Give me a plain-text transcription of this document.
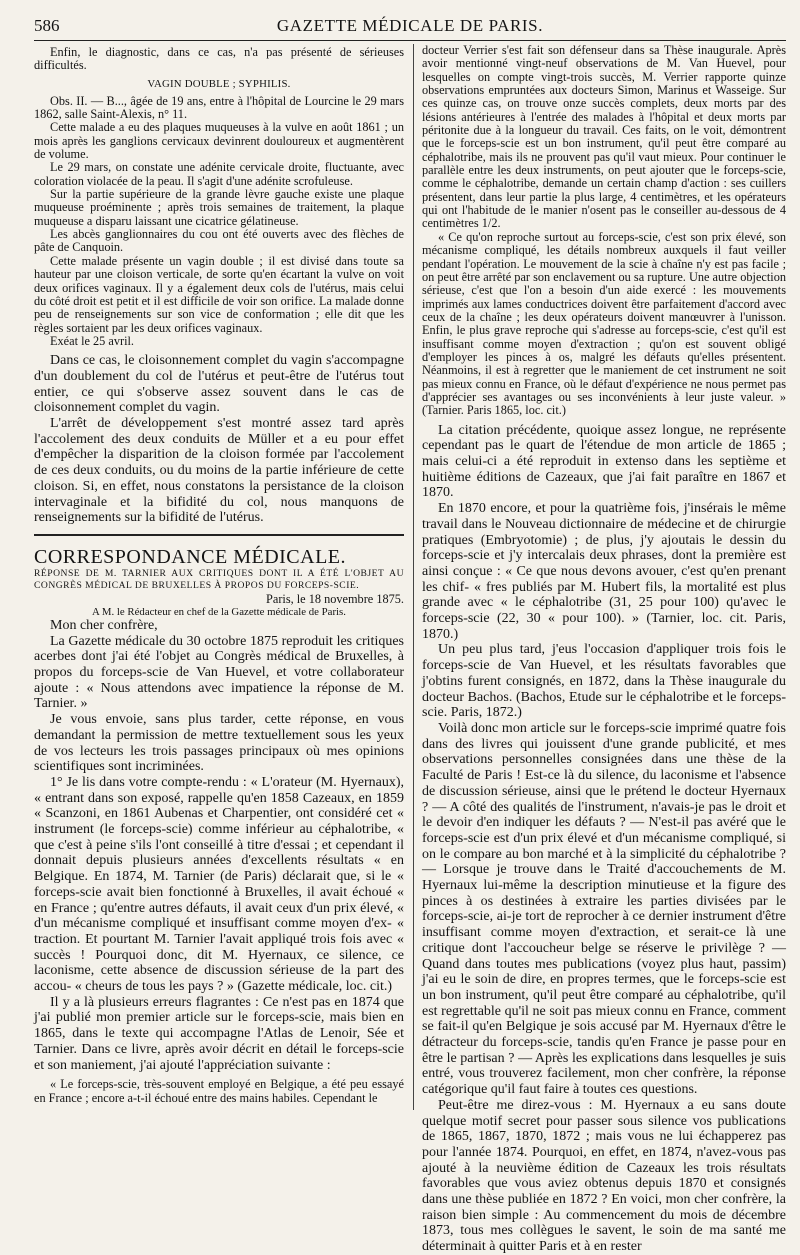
586	GAZETTE MÉDICALE DE PARIS.

Enfin, le diagnostic, dans ce cas, n'a pas présenté de sérieuses difficultés.

VAGIN DOUBLE ; SYPHILIS.

Obs. II. — B..., âgée de 19 ans, entre à l'hôpital de Lourcine le 29 mars 1862, salle Saint-Alexis, n° 11.

Cette malade a eu des plaques muqueuses à la vulve en août 1861 ; un mois après les ganglions cervicaux devinrent douloureux et augmentèrent de volume.

Le 29 mars, on constate une adénite cervicale droite, fluctuante, avec coloration violacée de la peau. Il s'agit d'une adénite scrofuleuse.

Sur la partie supérieure de la grande lèvre gauche existe une plaque muqueuse proéminente ; après trois semaines de traitement, la plaque muqueuse a disparu laissant une cicatrice gélatineuse.

Les abcès ganglionnaires du cou ont été ouverts avec des flèches de pâte de Canquoin.

Cette malade présente un vagin double ; il est divisé dans toute sa hauteur par une cloison verticale, de sorte qu'en écartant la vulve on voit deux orifices vaginaux. Il y a également deux cols de l'utérus, mais celui du côté droit est petit et il est difficile de voir son orifice. La malade donne peu de renseignements sur son vice de conformation ; elle dit que les règles sortaient par les deux orifices vaginaux.

Exéat le 25 avril.

Dans ce cas, le cloisonnement complet du vagin s'accompagne d'un doublement du col de l'utérus et peut-être de l'utérus tout entier, ce qui s'observe assez souvent dans le cas de cloisonnement complet du vagin.

L'arrêt de développement s'est montré assez tard après l'accolement des deux conduits de Müller et a eu pour effet d'empêcher la disparition de la cloison formée par l'accolement de ces deux conduits, ou du moins de la partie inférieure de cette cloison. Si, en effet, nous constatons la persistance de la cloison intervaginale et la bifidité du col, nous manquons de renseignements sur la bifidité de l'utérus.

CORRESPONDANCE MÉDICALE.

RÉPONSE DE M. TARNIER AUX CRITIQUES DONT IL A ÉTÉ L'OBJET AU CONGRÈS MÉDICAL DE BRUXELLES À PROPOS DU FORCEPS-SCIE.

Paris, le 18 novembre 1875.

A M. le Rédacteur en chef de la Gazette médicale de Paris.

Mon cher confrère,

La Gazette médicale du 30 octobre 1875 reproduit les critiques acerbes dont j'ai été l'objet au Congrès médical de Bruxelles, à propos du forceps-scie de Van Huevel, et votre collaborateur ajoute : « Nous attendons avec impatience la réponse de M. Tarnier. »

Je vous envoie, sans plus tarder, cette réponse, en vous demandant la permission de mettre textuellement sous les yeux de vos lecteurs les trois passages principaux où mes opinions scientifiques sont incriminées.

1° Je lis dans votre compte-rendu : « L'orateur (M. Hyernaux), « entrant dans son exposé, rappelle qu'en 1858 Cazeaux, en 1859 « Scanzoni, en 1861 Aubenas et Charpentier, ont considéré cet « instrument (le forceps-scie) comme inférieur au céphalotribe, « que c'est à peine s'ils l'ont conseillé à titre d'essai ; et cependant il donnait depuis plusieurs années d'excellents résultats « en Belgique. En 1874, M. Tarnier (de Paris) déclarait que, si le « forceps-scie avait bien fonctionné à Bruxelles, il avait échoué « en France ; qu'entre autres défauts, il avait ceux d'un prix élevé, « d'un mécanisme compliqué et insuffisant comme moyen d'ex- « traction. Et pourtant M. Tarnier l'avait appliqué trois fois avec « succès ! Pourquoi donc, dit M. Hyernaux, ce silence, ce laconisme, cette absence de discussion sérieuse de la part des accou- « cheurs de tous les pays ? » (Gazette médicale, loc. cit.)

Il y a là plusieurs erreurs flagrantes : Ce n'est pas en 1874 que j'ai publié mon premier article sur le forceps-scie, mais bien en 1865, dans le texte qui accompagne l'Atlas de Lenoir, Sée et Tarnier. Dans ce livre, après avoir décrit en détail le forceps-scie et son maniement, j'ai ajouté l'appréciation suivante :

« Le forceps-scie, très-souvent employé en Belgique, a été peu essayé en France ; encore a-t-il échoué entre des mains habiles. Cependant le

docteur Verrier s'est fait son défenseur dans sa Thèse inaugurale. Après avoir mentionné vingt-neuf observations de M. Van Huevel, pour lesquelles on compte vingt-trois succès, M. Verrier rapporte quinze observations empruntées aux docteurs Simon, Marinus et Wasseige. Sur ces quinze cas, on trouve onze succès complets, deux morts par des lésions antérieures à l'entrée des malades à l'hôpital et deux morts par péritonite due à la longueur du travail. Ces faits, on le voit, démontrent que le forceps-scie est un bon instrument, qu'il peut être comparé au céphalotribe, mais ils ne prouvent pas qu'il vaut mieux. Pour continuer le parallèle entre les deux instruments, on peut ajouter que le forceps-scie, comme le céphalotribe, demande un certain champ d'action : ses cuillers présentent, dans leur partie la plus large, 4 centimètres, et les opérateurs qui ont l'habitude de le manier n'osent pas le conseiller au-dessous de 4 centimètres 1/2.

« Ce qu'on reproche surtout au forceps-scie, c'est son prix élevé, son mécanisme compliqué, les détails nombreux auxquels il faut veiller pendant l'opération. Le mouvement de la scie à chaîne n'y est pas facile ; on peut être arrêté par son enclavement ou sa rupture. Une autre objection sérieuse, c'est que l'on a besoin d'un aide exercé : les mouvements imprimés aux lames conductrices doivent être parfaitement d'accord avec ceux de la chaîne ; les deux opérateurs doivent manœuvrer à l'unisson. Enfin, le plus grave reproche qui s'adresse au forceps-scie, c'est qu'il est insuffisant comme moyen d'extraction ; qu'on est souvent obligé d'employer les pinces à os, malgré les défauts qu'elles présentent. Néanmoins, il est à regretter que le maniement de cet instrument ne soit pas mieux connu en France, où le défaut d'expérience ne nous permet pas d'apprécier ses avantages ou ses inconvénients à leur juste valeur. » (Tarnier. Paris 1865, loc. cit.)

La citation précédente, quoique assez longue, ne représente cependant pas le quart de l'étendue de mon article de 1865 ; mais celui-ci a été reproduit in extenso dans les septième et huitième éditions de Cazeaux, que j'ai fait paraître en 1867 et 1870.

En 1870 encore, et pour la quatrième fois, j'insérais le même travail dans le Nouveau dictionnaire de médecine et de chirurgie pratiques (Embryotomie) ; de plus, j'y ajoutais le dessin du forceps-scie et j'y intercalais deux phrases, dont la première est ainsi conçue : « Ce que nous devons avouer, c'est qu'en prenant les chif- « fres publiés par M. Hubert fils, la mortalité est plus grande avec « le céphalotribe (31, 25 pour 100) qu'avec le forceps-scie (22, 30 « pour 100). » (Tarnier, loc. cit. Paris, 1870.)

Un peu plus tard, j'eus l'occasion d'appliquer trois fois le forceps-scie de Van Huevel, et les résultats favorables que j'obtins furent consignés, en 1872, dans la Thèse inaugurale du docteur Bachos. (Bachos, Etude sur le céphalotribe et le forceps-scie. Paris, 1872.)

Voilà donc mon article sur le forceps-scie imprimé quatre fois dans des livres qui jouissent d'une grande publicité, et mes observations personnelles consignées dans une thèse de la Faculté de Paris ! Est-ce là du silence, du laconisme et l'absence de discussion sérieuse, ainsi que le prétend le docteur Hyernaux ? — A côté des qualités de l'instrument, n'avais-je pas le droit et le devoir d'en indiquer les défauts ? — N'est-il pas avéré que le forceps-scie est d'un prix élevé et d'un mécanisme compliqué, si on le compare au bon marché et à la simplicité du céphalotribe ? — Lorsque je trouve dans le Traité d'accouchements de M. Hyernaux lui-même la description minutieuse et la figure des pinces à os destinées à extraire les parties divisées par le forceps-scie, ai-je tort de reprocher à ce dernier instrument d'être insuffisant comme moyen d'extraction, et serait-ce là une critique dont l'accoucheur belge se réserve le privilège ? — Quand dans toutes mes publications (voyez plus haut, passim) j'ai eu le soin de dire, en propres termes, que le forceps-scie est un bon instrument, qu'il peut être comparé au céphalotribe, qu'il est regrettable qu'il ne soit pas mieux connu en France, comment se fait-il qu'en Belgique je sois accusé par M. Hyernaux d'être le détracteur du forceps-scie, tandis qu'en France je passe pour en être le partisan ? — Après les explications dans lesquelles je suis entré, vous trouverez facilement, mon cher confrère, la réponse catégorique qu'il faut faire à toutes ces questions.

Peut-être me direz-vous : M. Hyernaux a eu sans doute quelque motif secret pour passer sous silence vos publications de 1865, 1867, 1870, 1872 ; mais vous ne lui échapperez pas pour l'année 1874. Pourquoi, en effet, en 1874, n'avez-vous pas ajouté à la neuvième édition de Cazeaux les trois résultats favorables que vous aviez obtenus depuis 1870 et consignés dans une thèse publiée en 1872 ? En voici, mon cher confrère, la raison bien simple : Au commencement du mois de décembre 1873, tous mes collègues le savent, le soin de ma santé me déterminait à quitter Paris et à en rester
